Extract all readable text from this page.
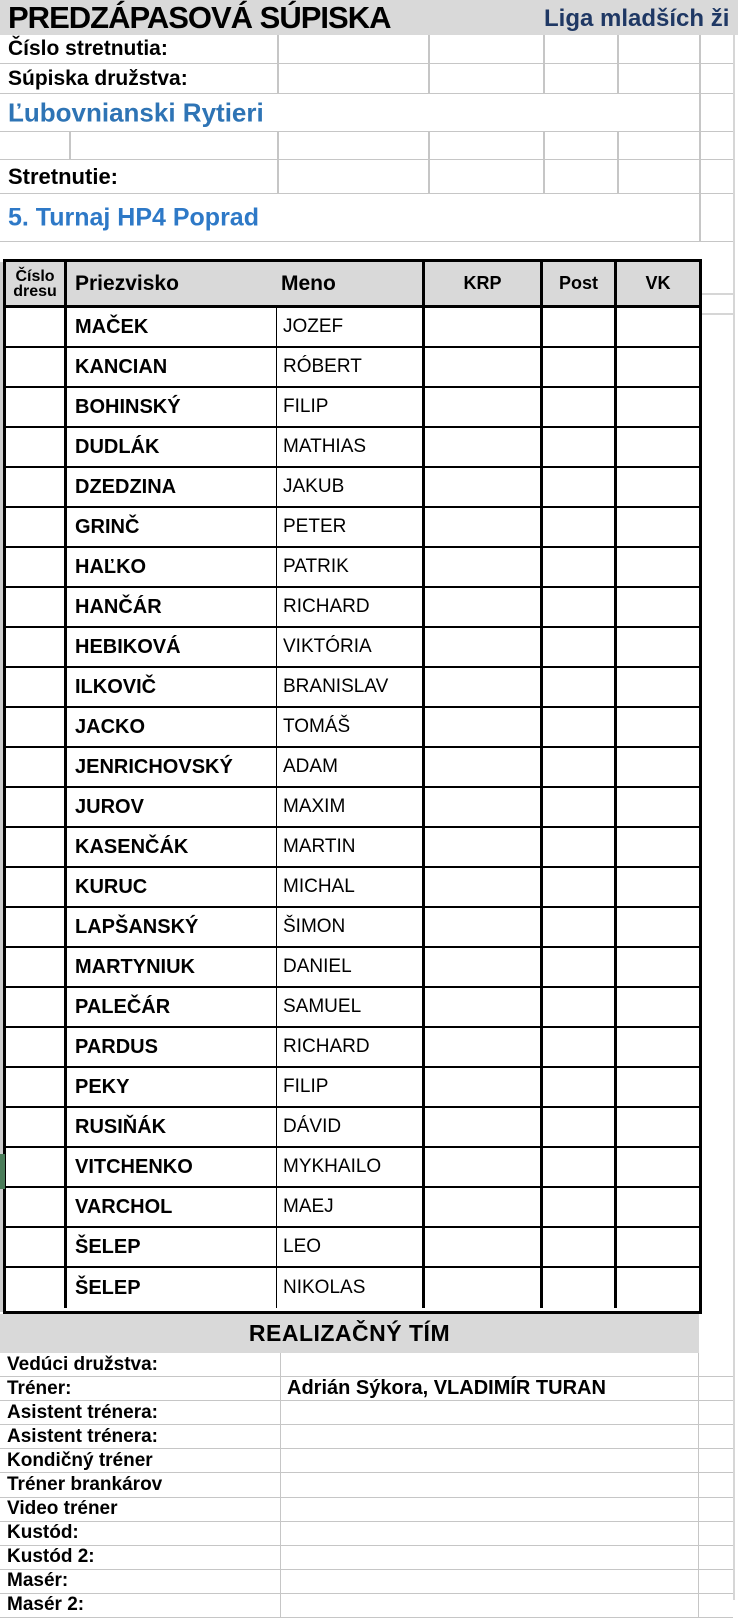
PREDZÁPASOVÁ SÚPISKA	Liga mladších ži
Číslo stretnutia:
Súpiska družstva:
Ľubovnianski Rytieri
Stretnutie:
5. Turnaj HP4 Poprad
Číslo
dresu Priezvisko	Meno	KRP	Post	VK
MAČEK	JOZEF
KANCIAN	RÓBERT
BOHINSKÝ	FILIP
DUDLÁK	MATHIAS
DZEDZINA	JAKUB
GRINČ	PETER
HAĽKO	PATRIK
HANČÁR	RICHARD
HEBIKOVÁ	VIKTÓRIA
ILKOVIČ	BRANISLAV
JACKO	TOMÁŠ
JENRICHOVSKÝ	ADAM
JUROV	MAXIM
KASENČÁK	MARTIN
KURUC	MICHAL
LAPŠANSKÝ	ŠIMON
MARTYNIUK	DANIEL
PALEČÁR	SAMUEL
PARDUS	RICHARD
PEKY	FILIP
RUSIŇÁK	DÁVID
VITCHENKO	MYKHAILO
VARCHOL	MAEJ
ŠELEP	LEO
ŠELEP	NIKOLAS
REALIZAČNÝ TÍM
Vedúci družstva:
Tréner:	Adrián Sýkora, VLADIMÍR TURAN
Asistent trénera:
Asistent trénera:
Kondičný tréner
Tréner brankárov
Video tréner
Kustód:
Kustód 2:
Masér:
Masér 2:
